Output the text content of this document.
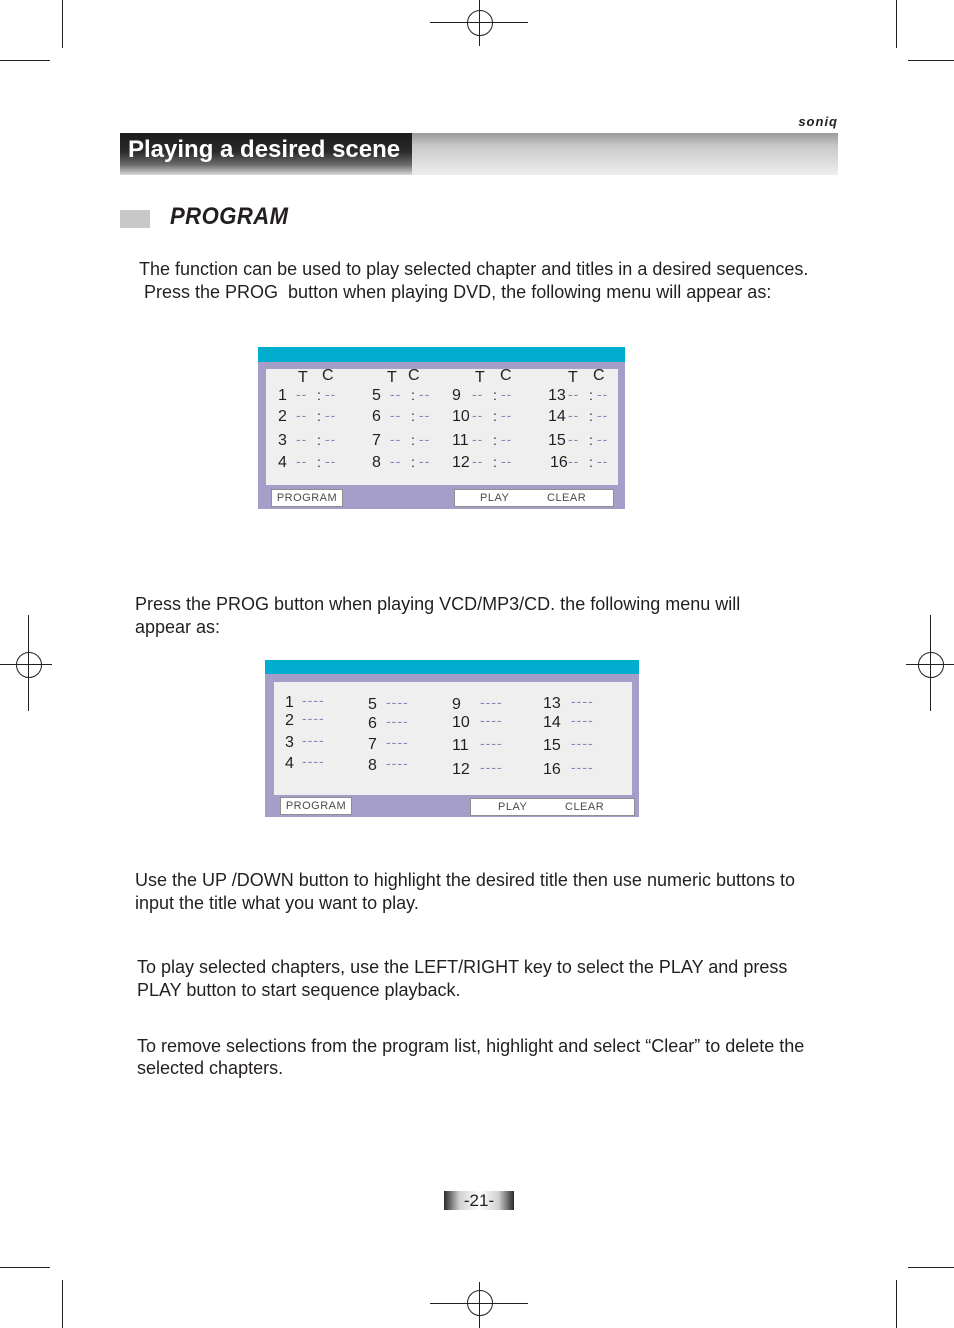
soniq
Playing a desired scene
PROGRAM
The function can be used to play selected chapter and titles in a desired sequences.
Press the PROG  button when playing DVD, the following menu will appear as:
T C
1 -- : --
2 -- : --
3 -- : --
4 -- : --
T C
5 -- : --
6 -- : --
7 -- : --
8 -- : --
T C
9 -- : --
10 -- : --
11 -- : --
12 -- : --
T C
13 -- : --
14 -- : --
15 -- : --
16 -- : --
PROGRAM	PLAY	CLEAR
Press the PROG button when playing VCD/MP3/CD. the following menu will
appear as:
1 ----
2 ----
3 ----
4 ----
5 ----
6 ----
7 ----
8 ----
9 ----
10 ----
11 ----
12 ----
13 ----
14 ----
15 ----
16 ----
PROGRAM	PLAY	CLEAR
Use the UP /DOWN button to highlight the desired title then use numeric buttons to
input the title what you want to play.
To play selected chapters, use the LEFT/RIGHT key to select the PLAY and press
PLAY button to start sequence playback.
To remove selections from the program list, highlight and select “Clear” to delete the
selected chapters.
-21-
